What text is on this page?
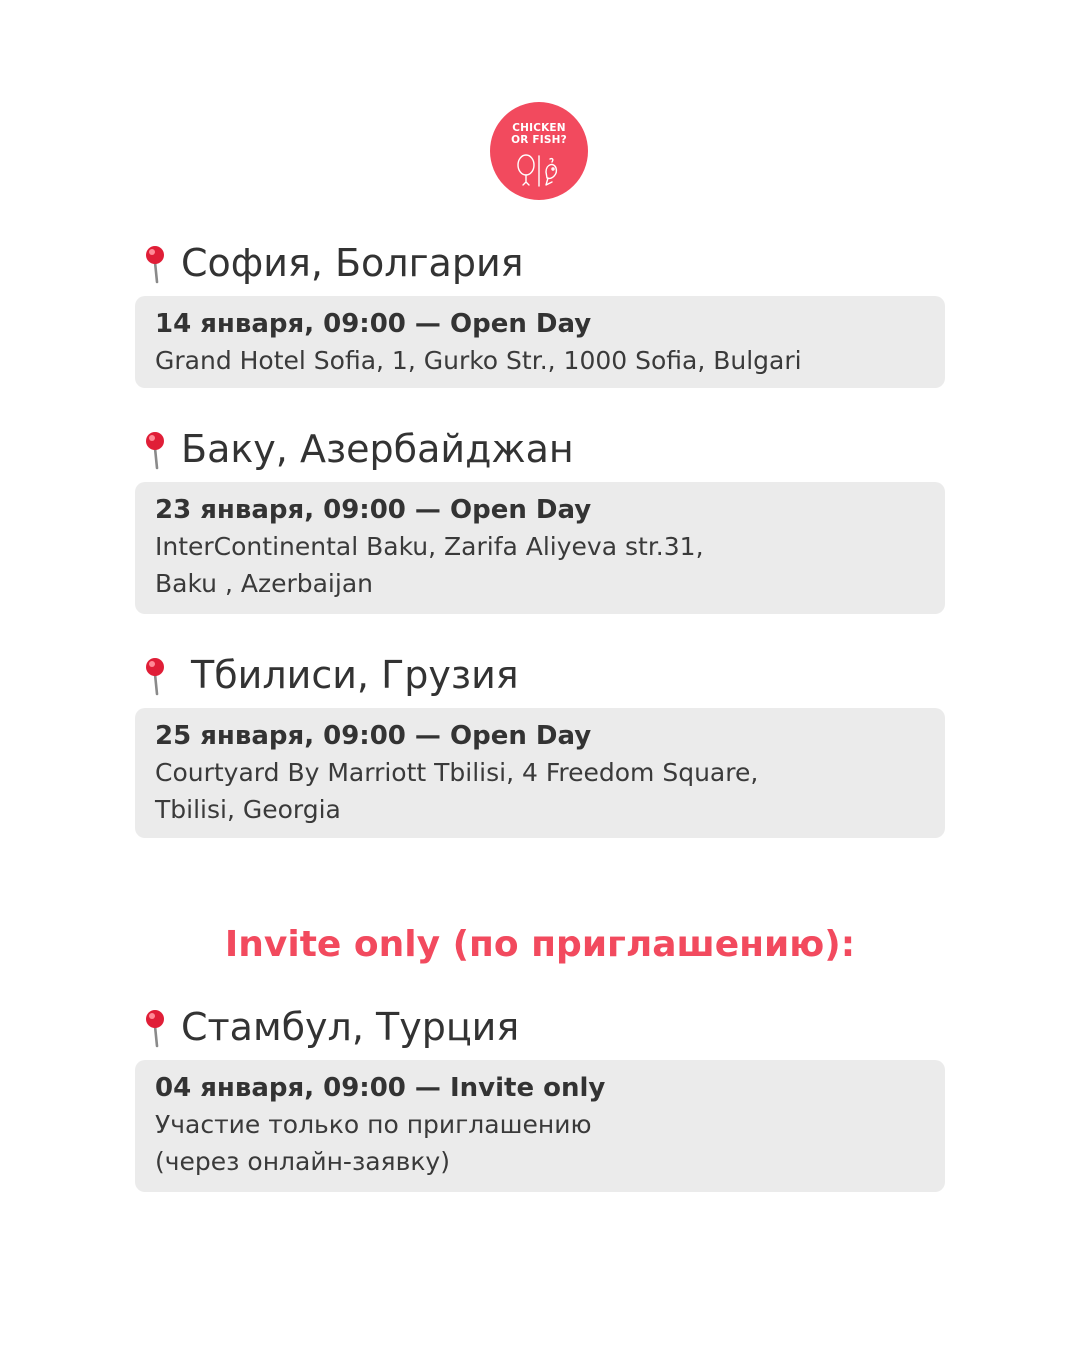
CHICKEN
OR FISH?
София, Болгария
14 января, 09:00 — Open Day
Grand Hotel Sofia, 1, Gurko Str., 1000 Sofia, Bulgari
Баку, Азербайджан
23 января, 09:00 — Open Day
InterContinental Baku, Zarifa Aliyeva str.31,
Baku , Azerbaijan
Тбилиси, Грузия
25 января, 09:00 — Open Day
Courtyard By Marriott Tbilisi, 4 Freedom Square,
Tbilisi, Georgia
Invite only (по приглашению):
Стамбул, Турция
04 января, 09:00 — Invite only
Участие только по приглашению
(через онлайн-заявку)
